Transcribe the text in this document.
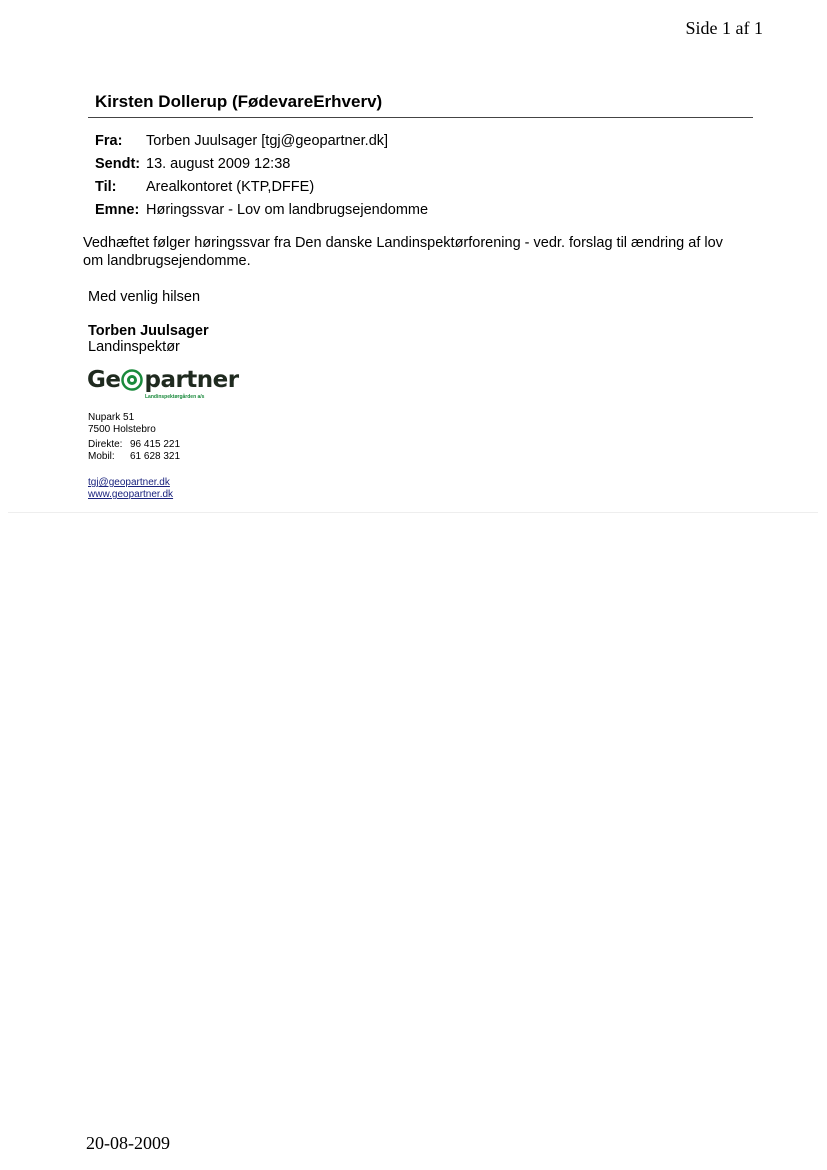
Side 1 af 1
Kirsten Dollerup (FødevareErhverv)
Fra:	Torben Juulsager [tgj@geopartner.dk]
Sendt: 13. august 2009 12:38
Til:	Arealkontoret (KTP,DFFE)
Emne: Høringssvar - Lov om landbrugsejendomme
Vedhæftet følger høringssvar fra Den danske Landinspektørforening - vedr. forslag til ændring af lov om landbrugsejendomme.
Med venlig hilsen
Torben Juulsager
Landinspektør
Ge partner
Landinspektørgården a/s
Nupark 51
7500 Holstebro
Direkte: 96 415 221
Mobil:	61 628 321
tgj@geopartner.dk
www.geopartner.dk
20-08-2009
